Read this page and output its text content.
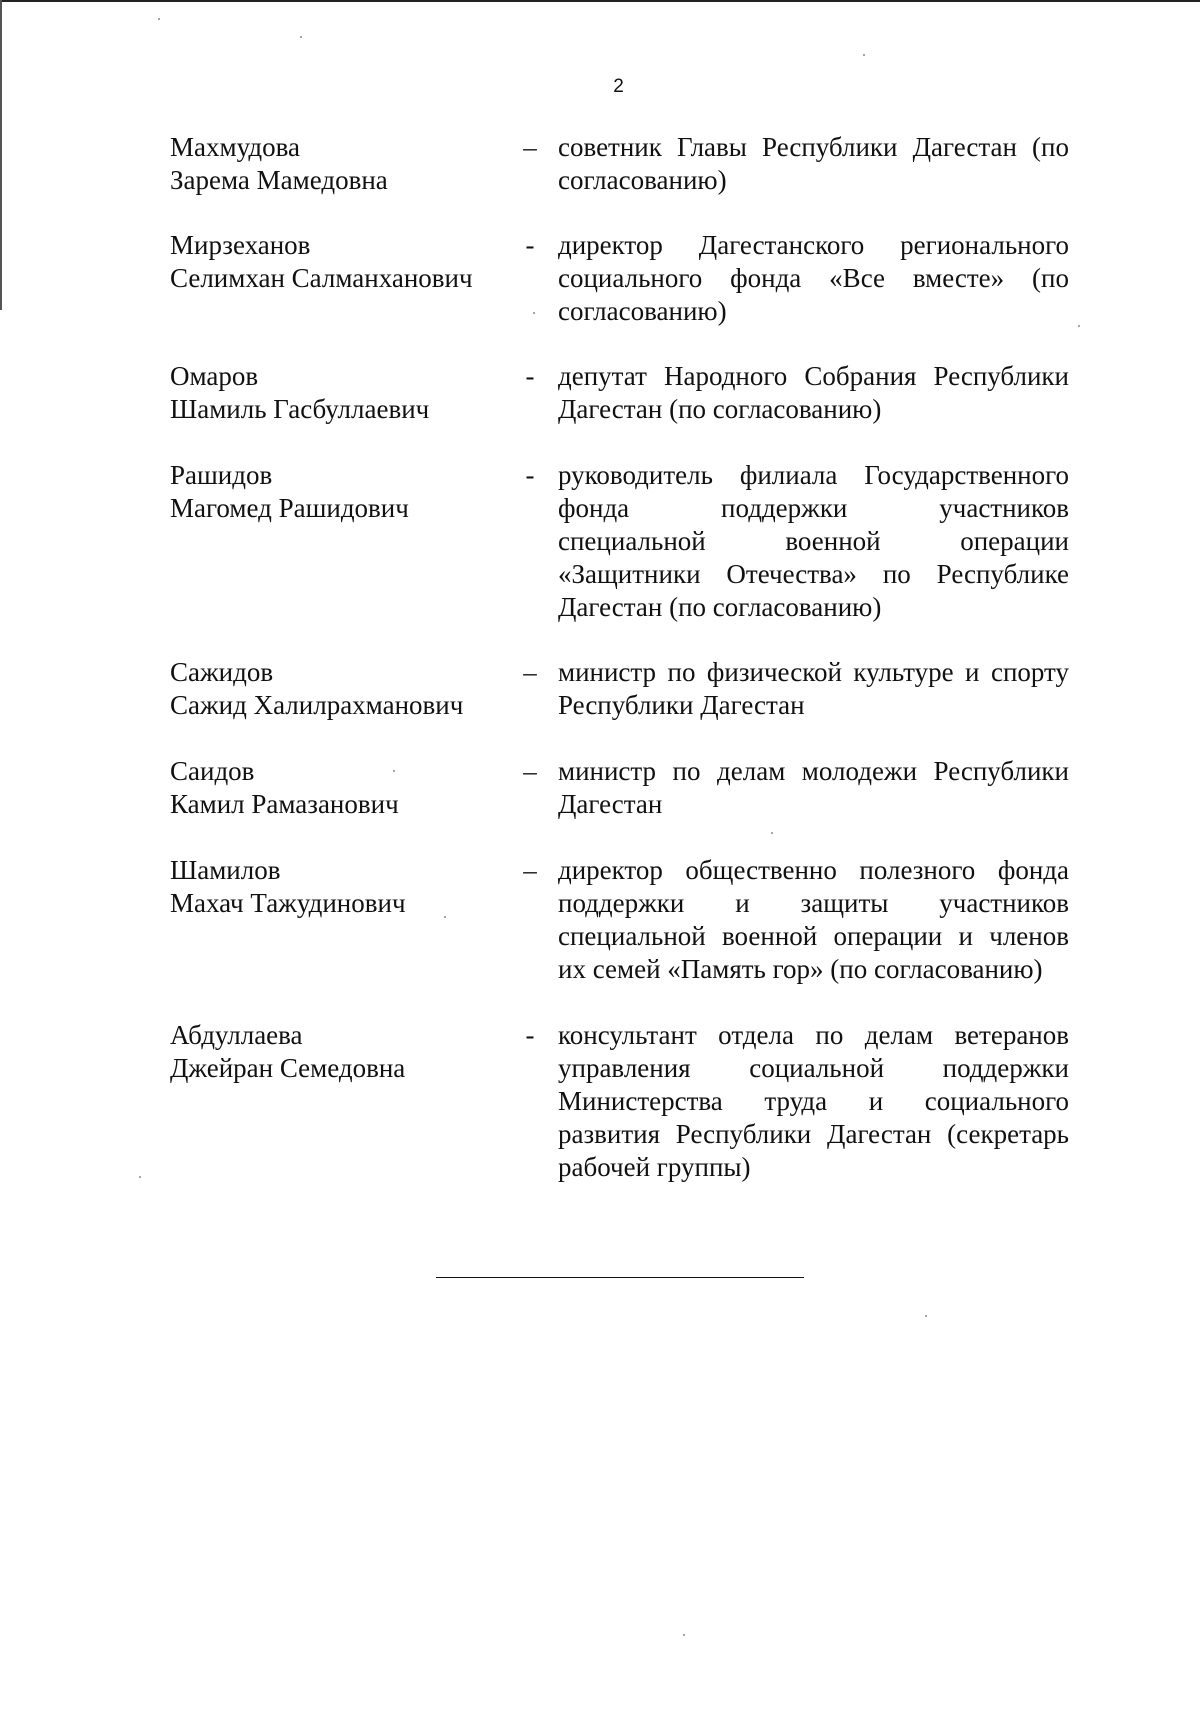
2
Махмудова
Зарема Мамедовна
– советник Главы Республики Дагестан (по
согласованию)
Мирзеханов
Селимхан Салманханович
- директор Дагестанского регионального
социального фонда «Все вместе» (по
согласованию)
Омаров
Шамиль Гасбуллаевич
- депутат Народного Собрания Республики
Дагестан (по согласованию)
Рашидов
Магомед Рашидович
- руководитель филиала Государственного
фонда поддержки участников
специальной военной операции
«Защитники Отечества» по Республике
Дагестан (по согласованию)
Сажидов
Сажид Халилрахманович
– министр по физической культуре и спорту
Республики Дагестан
Саидов
Камил Рамазанович
– министр по делам молодежи Республики
Дагестан
Шамилов
Махач Тажудинович
– директор общественно полезного фонда
поддержки и защиты участников
специальной военной операции и членов
их семей «Память гор» (по согласованию)
Абдуллаева
Джейран Семедовна
- консультант отдела по делам ветеранов
управления социальной поддержки
Министерства труда и социального
развития Республики Дагестан (секретарь
рабочей группы)
